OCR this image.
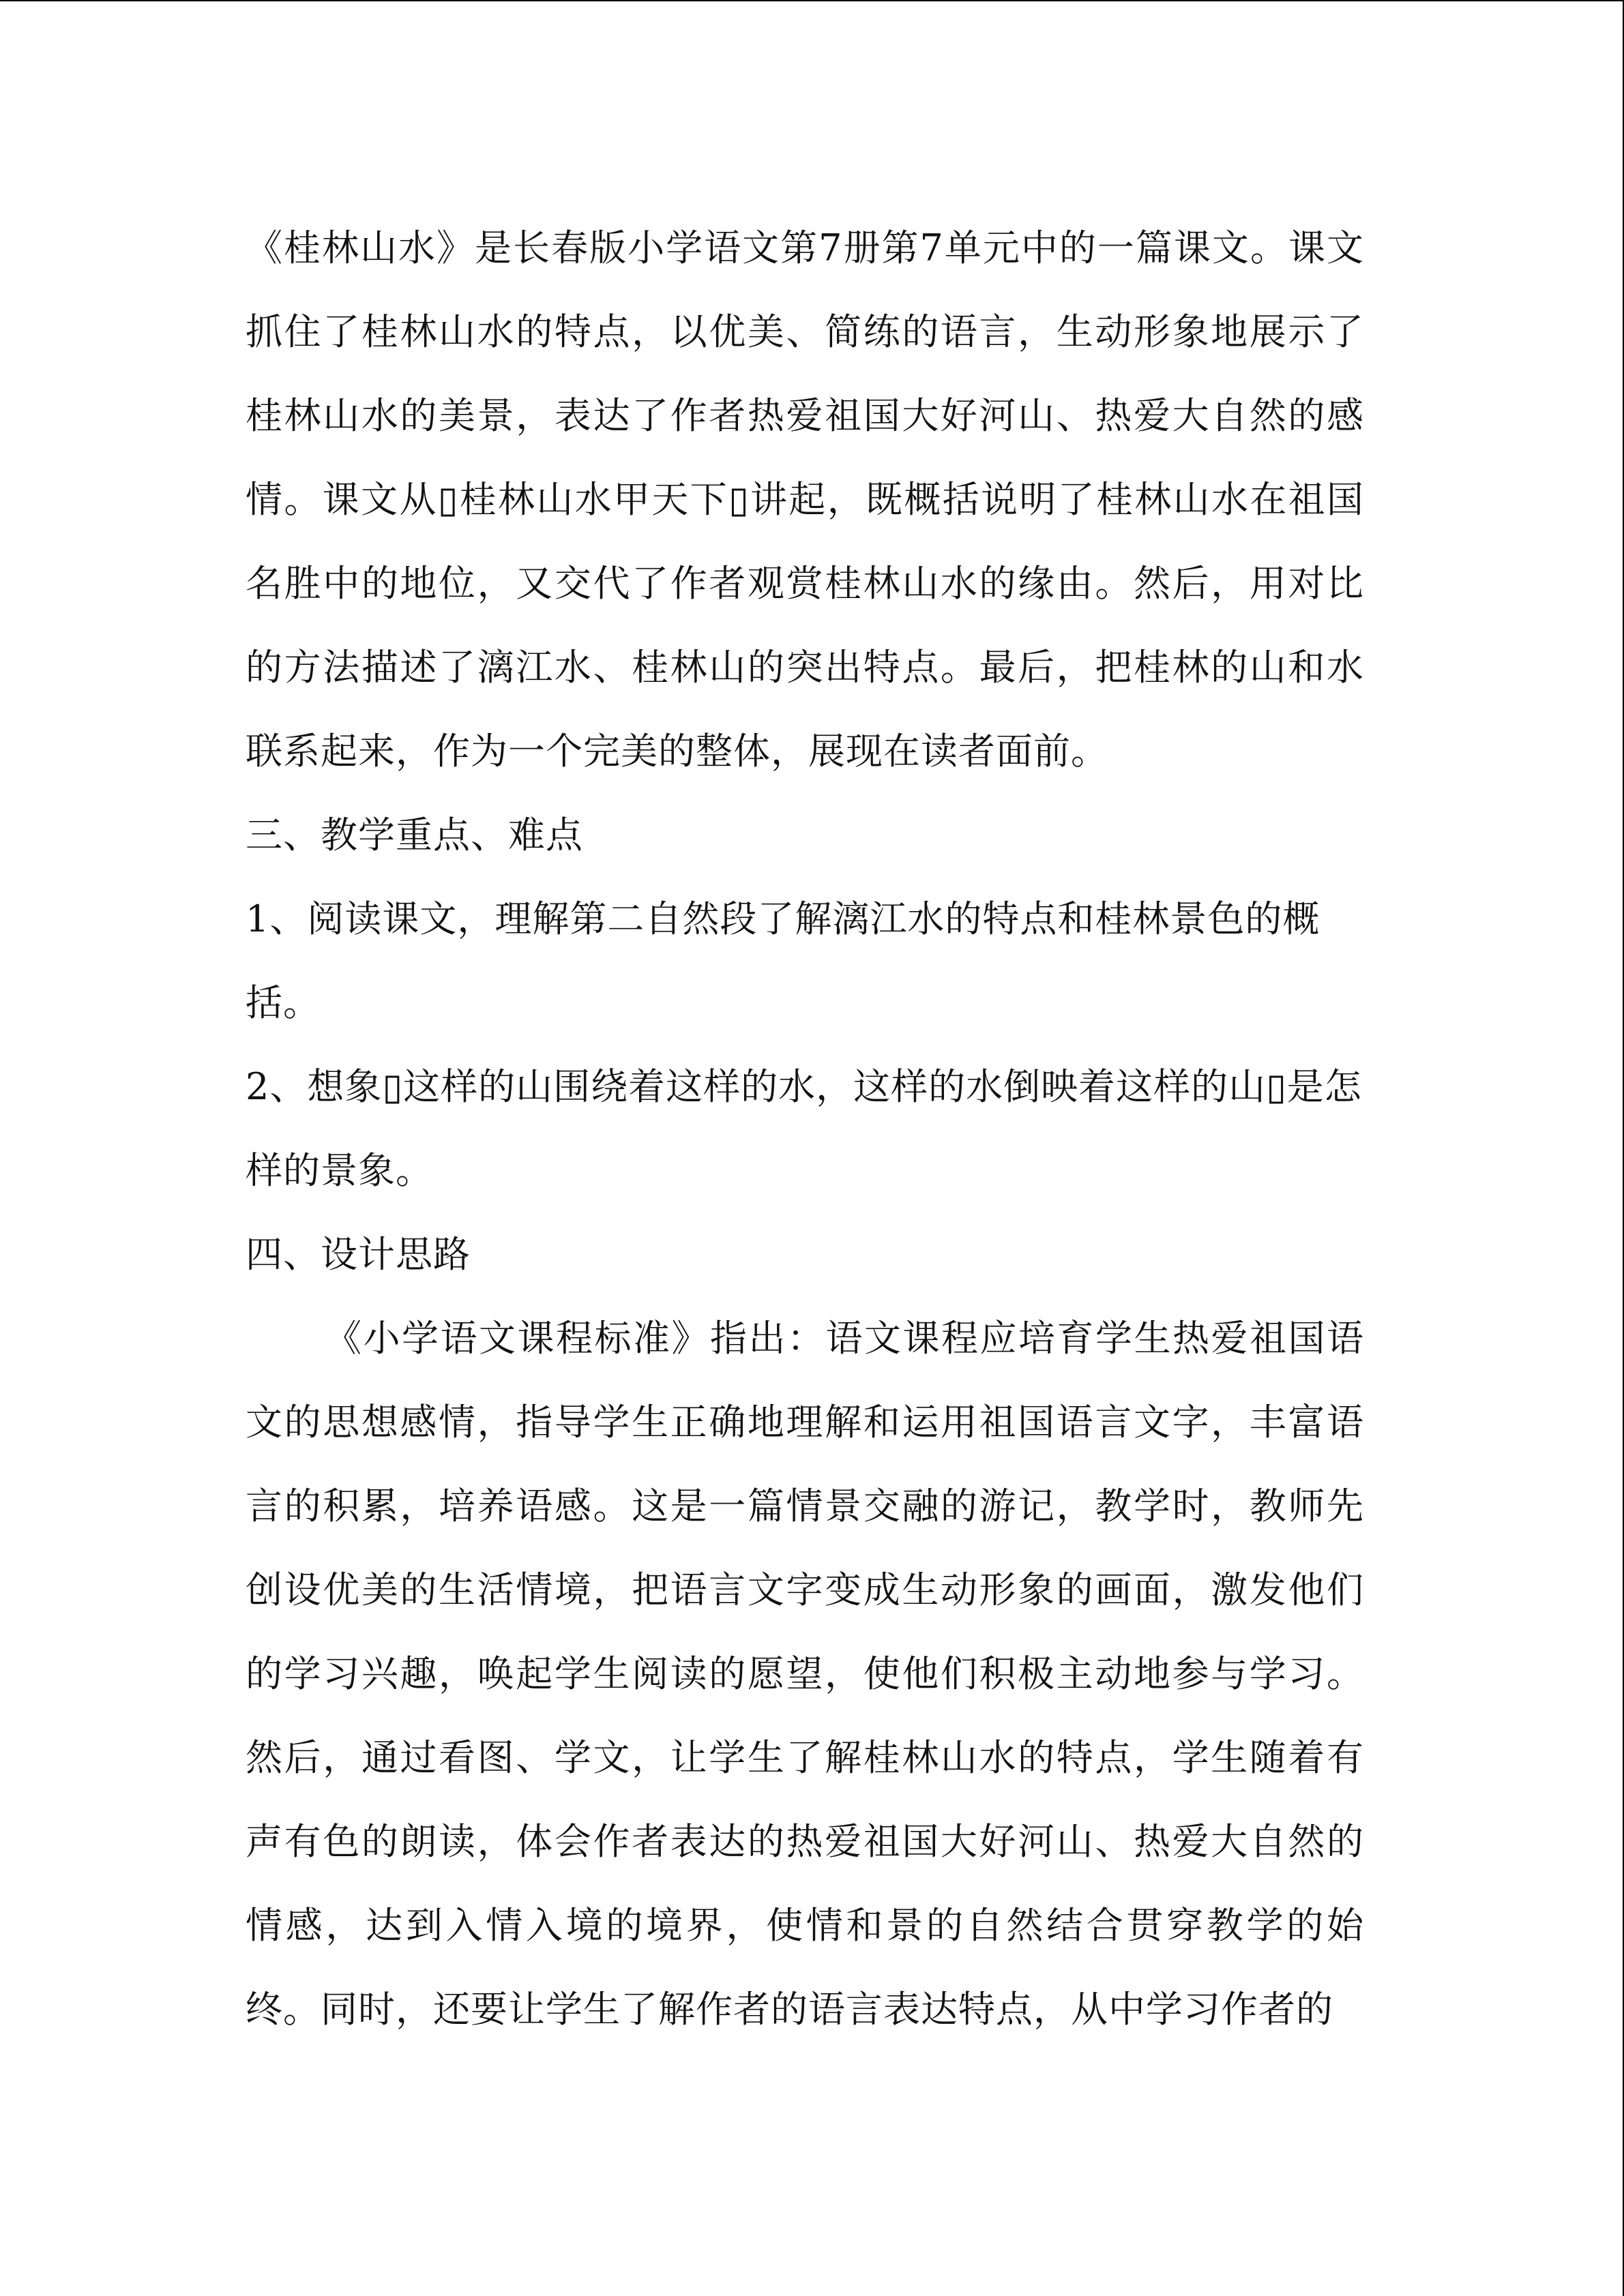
《桂林山水》是长春版小学语文第7册第7单元中的一篇课文。课文抓住了桂林山水的特点，以优美、简练的语言，生动形象地展示了桂林山水的美景，表达了作者热爱祖国大好河山、热爱大自然的感情。课文从▯桂林山水甲天下▯讲起，既概括说明了桂林山水在祖国名胜中的地位，又交代了作者观赏桂林山水的缘由。然后，用对比的方法描述了漓江水、桂林山的突出特点。最后，把桂林的山和水联系起来，作为一个完美的整体，展现在读者面前。

三、教学重点、难点

1、阅读课文，理解第二自然段了解漓江水的特点和桂林景色的概括。

2、想象▯这样的山围绕着这样的水，这样的水倒映着这样的山▯是怎样的景象。

四、设计思路

《小学语文课程标准》指出：语文课程应培育学生热爱祖国语文的思想感情，指导学生正确地理解和运用祖国语言文字，丰富语言的积累，培养语感。这是一篇情景交融的游记，教学时，教师先创设优美的生活情境，把语言文字变成生动形象的画面，激发他们的学习兴趣，唤起学生阅读的愿望，使他们积极主动地参与学习。然后，通过看图、学文，让学生了解桂林山水的特点，学生随着有声有色的朗读，体会作者表达的热爱祖国大好河山、热爱大自然的情感，达到入情入境的境界，使情和景的自然结合贯穿教学的始终。同时，还要让学生了解作者的语言表达特点，从中学习作者的
